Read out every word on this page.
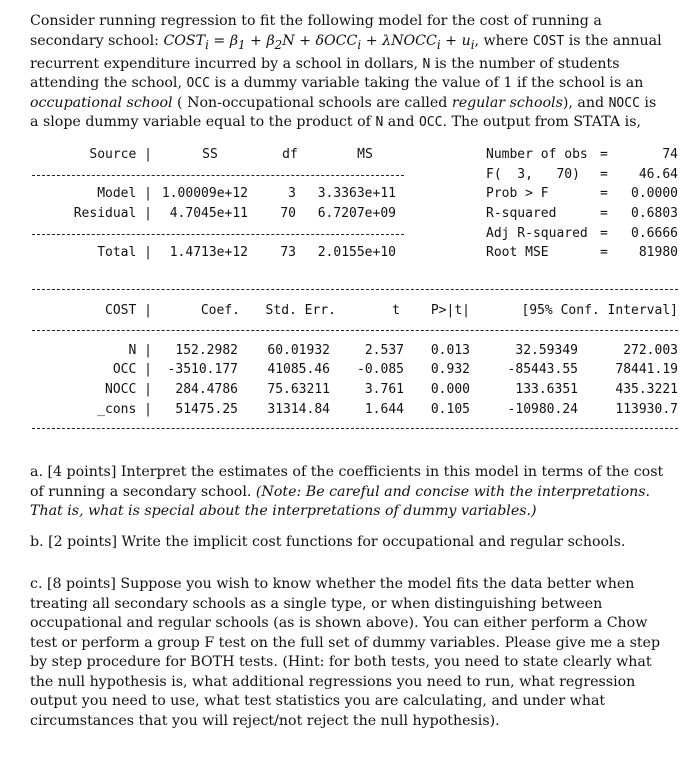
Consider running regression to fit the following model for the cost of running a secondary school: $COST_i = \beta_1 + \beta_2N + \delta OCC_i$ + λNOCC$_i$ + $u_i$, where COST is the annual recurrent expenditure incurred by a school in dollars, N is the number of students attending the school, OCC is a dummy variable taking the value of 1 if the school is an occupational school ( Non-occupational schools are called regular schools), and NOCC is a slope dummy variable equal to the product of N and OCC. The output from STATA is,
Source |	SS	df	MS
Model | 1.00009e+12	3	3.3363e+11
Residual |	4.7045e+11	70	6.7207e+09
Total |	1.4713e+12	73	2.0155e+10
Number of obs =	74
F(  3,   70)	=	46.64
Prob > F	=	0.0000
R-squared	=	0.6803
Adj R-squared =	0.6666
Root MSE	=	81980
COST |	Coef.	Std. Err.	t	P>|t|	[95% Conf. Interval]
N |	152.2982	60.01932	2.537	0.013	32.59349	272.003
OCC |	-3510.177	41085.46	-0.085	0.932	-85443.55	78441.19
NOCC |	284.4786	75.63211	3.761	0.000	133.6351	435.3221
_cons |	51475.25	31314.84	1.644	0.105	-10980.24	113930.7
a. [4 points] Interpret the estimates of the coefficients in this model in terms of the cost of running a secondary school. (Note: Be careful and concise with the interpretations. That is, what is special about the interpretations of dummy variables.)
b. [2 points] Write the implicit cost functions for occupational and regular schools.
c. [8 points] Suppose you wish to know whether the model fits the data better when treating all secondary schools as a single type, or when distinguishing between occupational and regular schools (as is shown above). You can either perform a Chow test or perform a group F test on the full set of dummy variables. Please give me a step by step procedure for BOTH tests. (Hint: for both tests, you need to state clearly what the null hypothesis is, what additional regressions you need to run, what regression output you need to use, what test statistics you are calculating, and under what circumstances that you will reject/not reject the null hypothesis).
